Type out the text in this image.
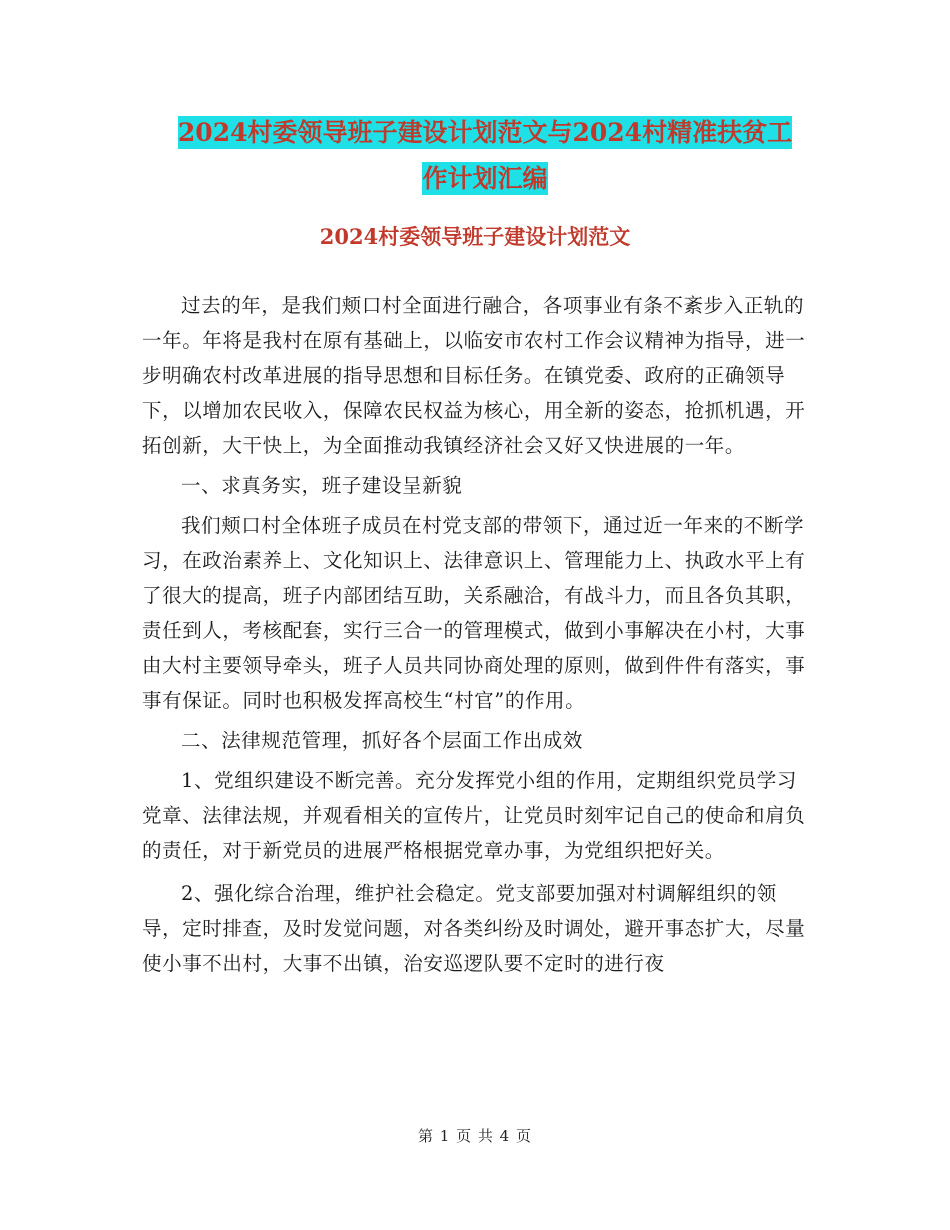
2024村委领导班子建设计划范文与2024村精准扶贫工
作计划汇编
2024村委领导班子建设计划范文

过去的年，是我们颊口村全面进行融合，各项事业有条不紊步入正轨的一年。年将是我村在原有基础上，以临安市农村工作会议精神为指导，进一步明确农村改革进展的指导思想和目标任务。在镇党委、政府的正确领导下，以增加农民收入，保障农民权益为核心，用全新的姿态，抢抓机遇，开拓创新，大干快上，为全面推动我镇经济社会又好又快进展的一年。

一、求真务实，班子建设呈新貌

我们颊口村全体班子成员在村党支部的带领下，通过近一年来的不断学习，在政治素养上、文化知识上、法律意识上、管理能力上、执政水平上有了很大的提高，班子内部团结互助，关系融洽，有战斗力，而且各负其职，责任到人，考核配套，实行三合一的管理模式，做到小事解决在小村，大事由大村主要领导牵头，班子人员共同协商处理的原则，做到件件有落实，事事有保证。同时也积极发挥高校生“村官”的作用。

二、法律规范管理，抓好各个层面工作出成效

1、党组织建设不断完善。充分发挥党小组的作用，定期组织党员学习党章、法律法规，并观看相关的宣传片，让党员时刻牢记自己的使命和肩负的责任，对于新党员的进展严格根据党章办事，为党组织把好关。

2、强化综合治理，维护社会稳定。党支部要加强对村调解组织的领导，定时排查，及时发觉问题，对各类纠纷及时调处，避开事态扩大，尽量使小事不出村，大事不出镇，治安巡逻队要不定时的进行夜

第 1 页 共 4 页
